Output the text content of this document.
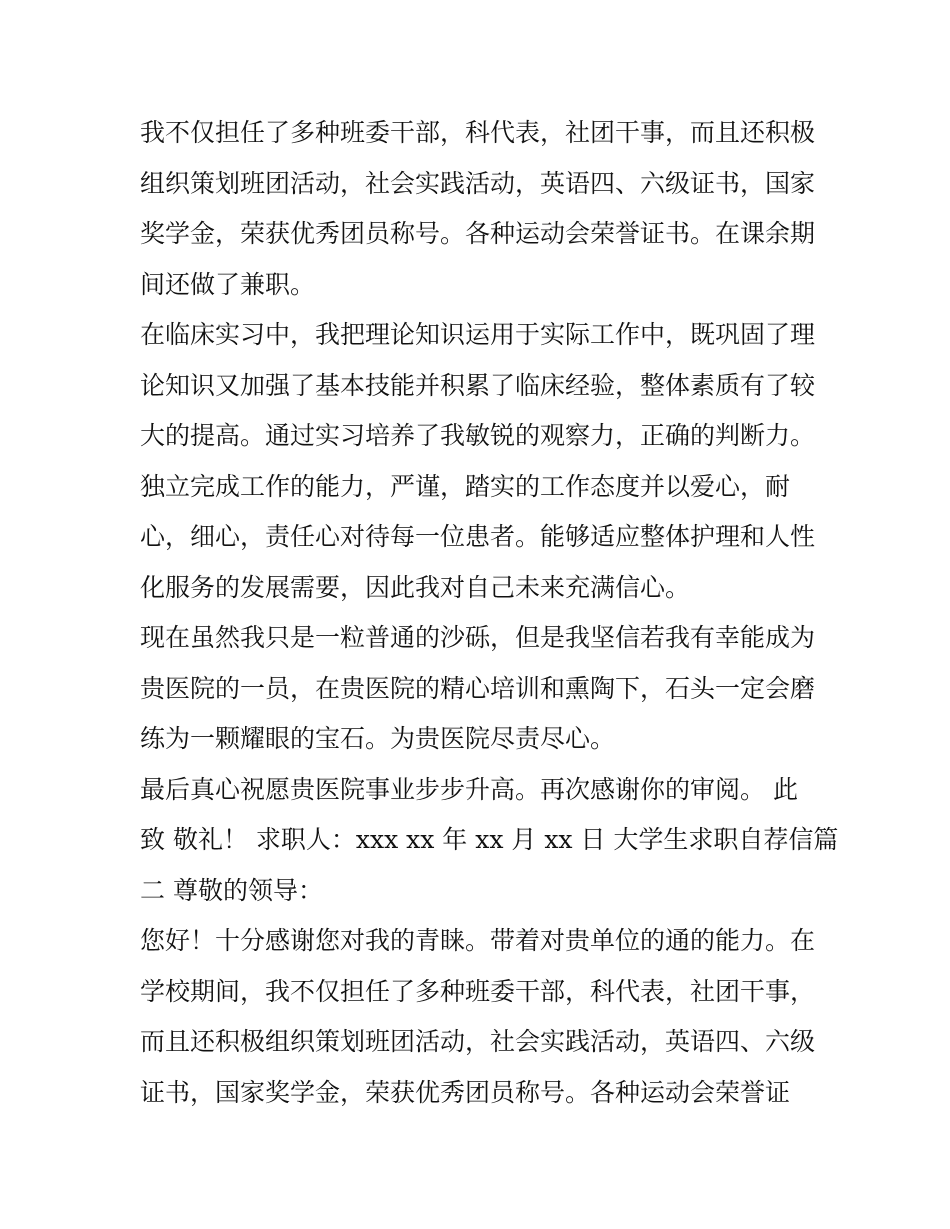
我不仅担任了多种班委干部，科代表，社团干事，而且还积极
组织策划班团活动，社会实践活动，英语四、六级证书，国家
奖学金，荣获优秀团员称号。各种运动会荣誉证书。在课余期
间还做了兼职。
在临床实习中，我把理论知识运用于实际工作中，既巩固了理
论知识又加强了基本技能并积累了临床经验，整体素质有了较
大的提高。通过实习培养了我敏锐的观察力，正确的判断力。
独立完成工作的能力，严谨，踏实的工作态度并以爱心，耐
心，细心，责任心对待每一位患者。能够适应整体护理和人性
化服务的发展需要，因此我对自己未来充满信心。
现在虽然我只是一粒普通的沙砾，但是我坚信若我有幸能成为
贵医院的一员，在贵医院的精心培训和熏陶下，石头一定会磨
练为一颗耀眼的宝石。为贵医院尽责尽心。
最后真心祝愿贵医院事业步步升高。再次感谢你的审阅。 此
致 敬礼！ 求职人：xxx xx 年 xx 月 xx 日 大学生求职自荐信篇
二 尊敬的领导：
您好！十分感谢您对我的青睐。带着对贵单位的通的能力。在
学校期间，我不仅担任了多种班委干部，科代表，社团干事，
而且还积极组织策划班团活动，社会实践活动，英语四、六级
证书，国家奖学金，荣获优秀团员称号。各种运动会荣誉证
